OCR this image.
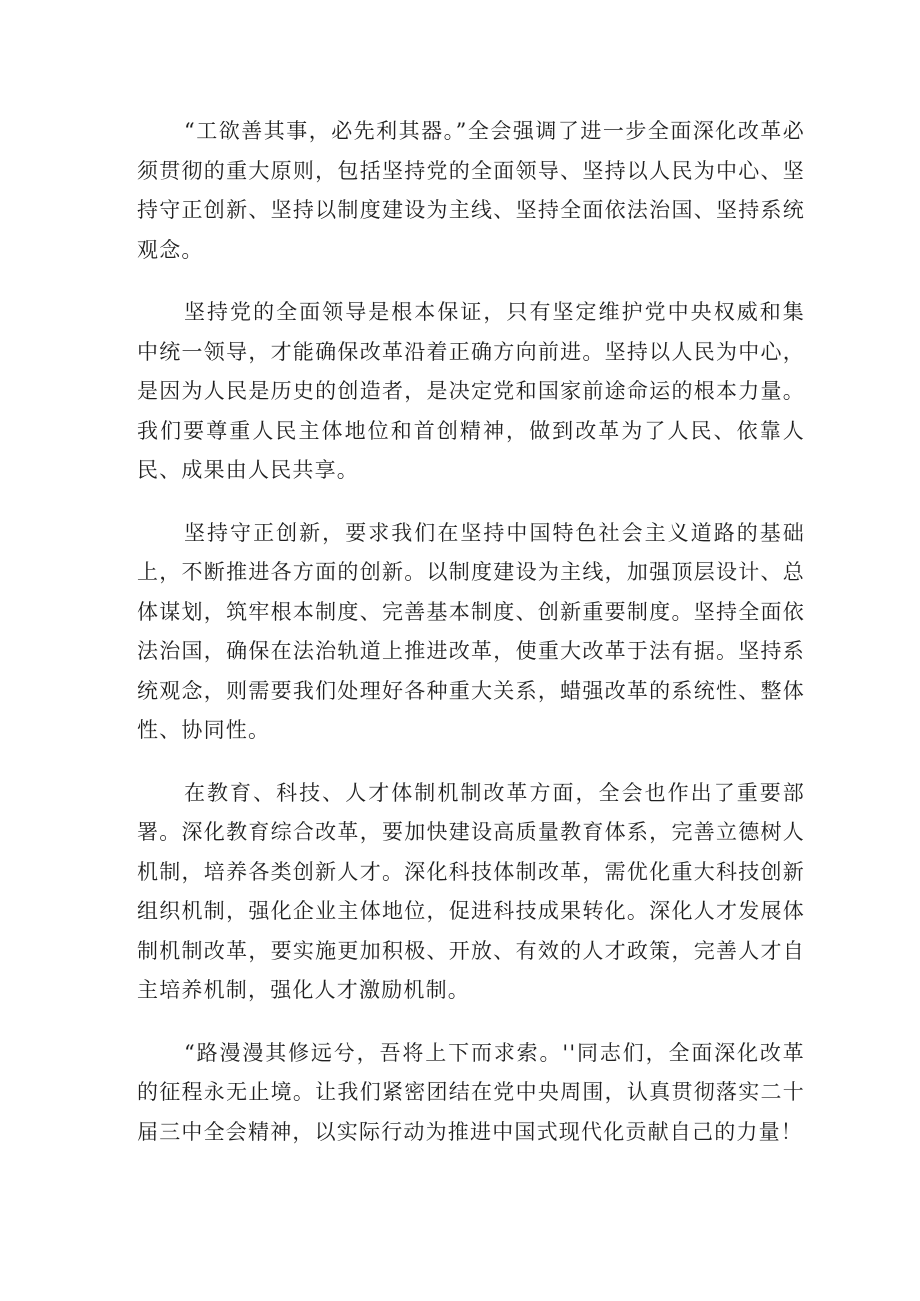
“工欲善其事，必先利其器。”全会强调了进一步全面深化改革必须贯彻的重大原则，包括坚持党的全面领导、坚持以人民为中心、坚持守正创新、坚持以制度建设为主线、坚持全面依法治国、坚持系统观念。

坚持党的全面领导是根本保证，只有坚定维护党中央权威和集中统一领导，才能确保改革沿着正确方向前进。坚持以人民为中心，是因为人民是历史的创造者，是决定党和国家前途命运的根本力量。我们要尊重人民主体地位和首创精神，做到改革为了人民、依靠人民、成果由人民共享。

坚持守正创新，要求我们在坚持中国特色社会主义道路的基础上，不断推进各方面的创新。以制度建设为主线，加强顶层设计、总体谋划，筑牢根本制度、完善基本制度、创新重要制度。坚持全面依法治国，确保在法治轨道上推进改革，使重大改革于法有据。坚持系统观念，则需要我们处理好各种重大关系，蜡强改革的系统性、整体性、协同性。

在教育、科技、人才体制机制改革方面，全会也作出了重要部署。深化教育综合改革，要加快建设高质量教育体系，完善立德树人机制，培养各类创新人才。深化科技体制改革，需优化重大科技创新组织机制，强化企业主体地位，促进科技成果转化。深化人才发展体制机制改革，要实施更加积极、开放、有效的人才政策，完善人才自主培养机制，强化人才激励机制。

“路漫漫其修远兮，吾将上下而求索。''同志们，全面深化改革的征程永无止境。让我们紧密团结在党中央周围，认真贯彻落实二十届三中全会精神，以实际行动为推进中国式现代化贡献自己的力量！
